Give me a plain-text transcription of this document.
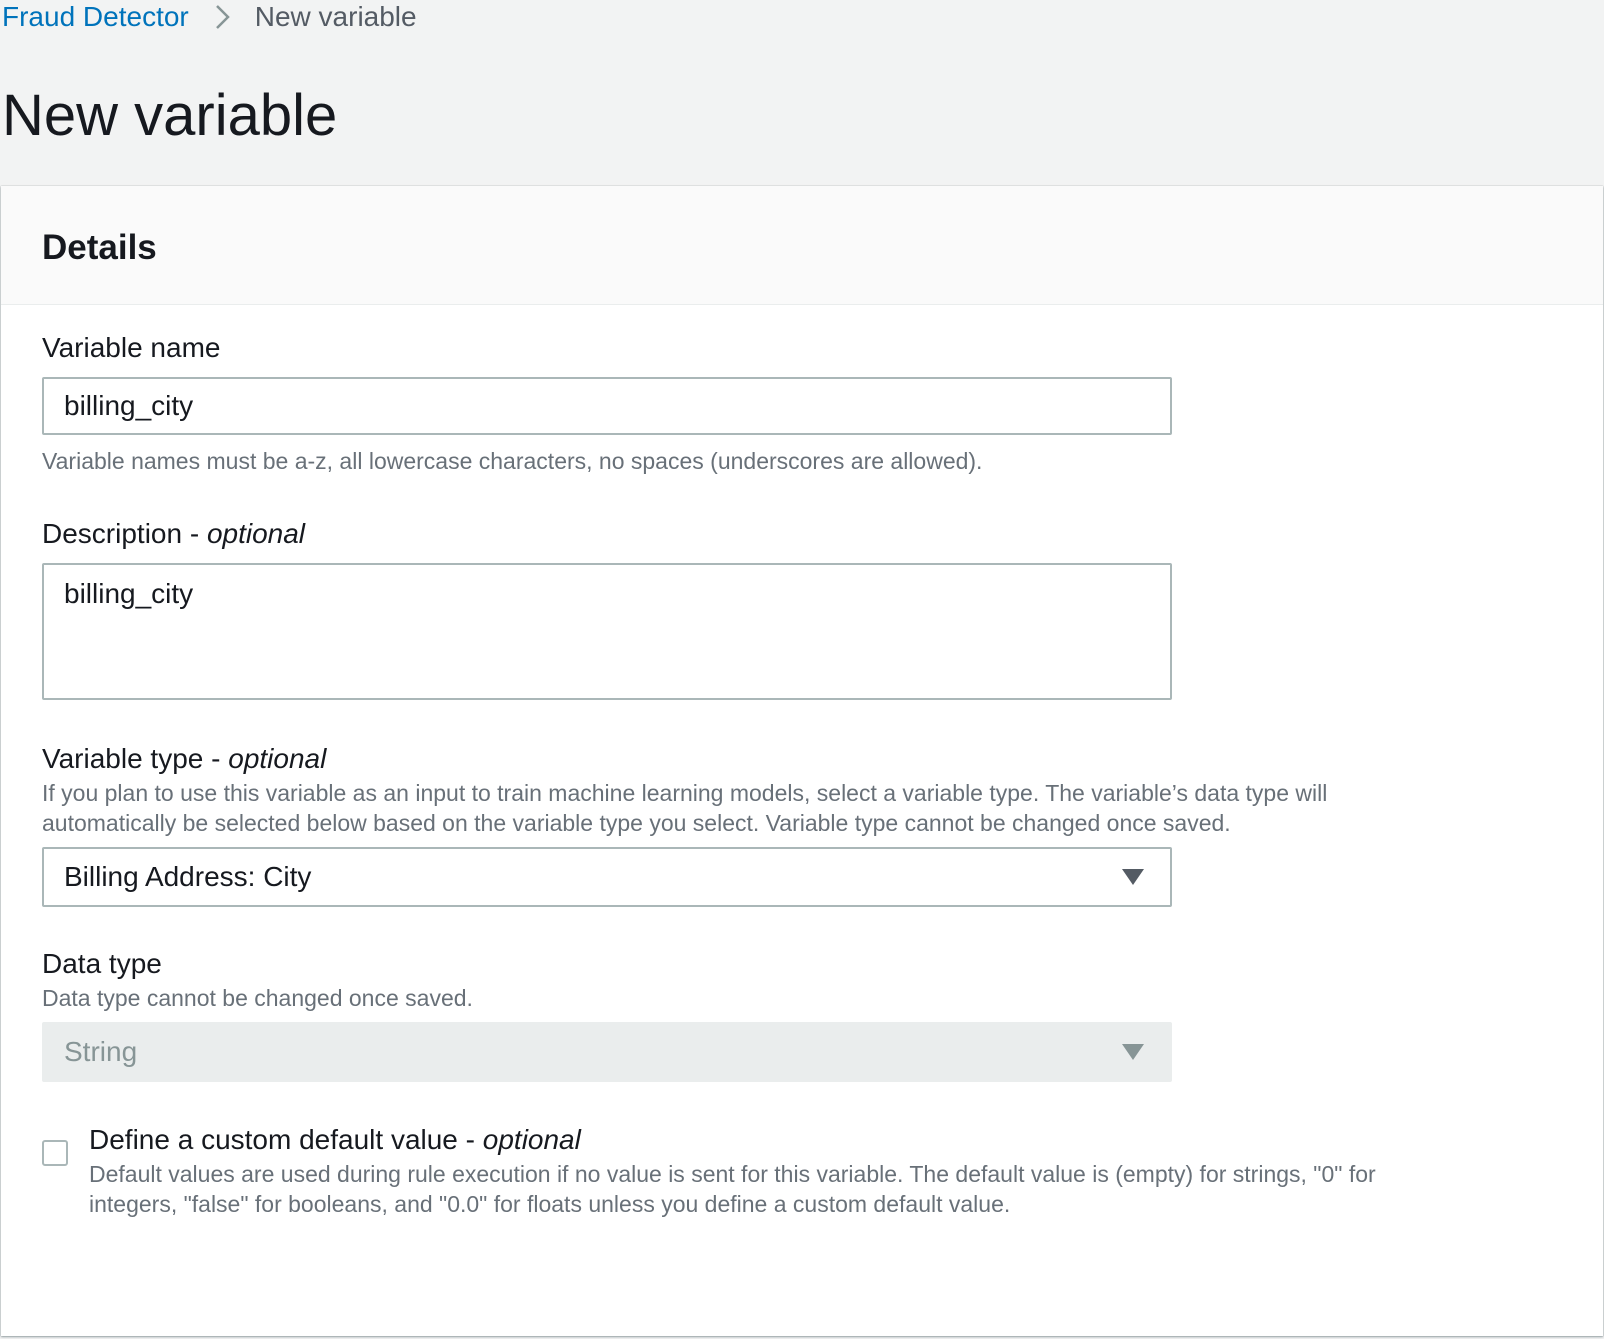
Fraud Detector New variable
New variable
Details
Variable name
billing_city
Variable names must be a-z, all lowercase characters, no spaces (underscores are allowed).
Description - optional
billing_city
Variable type - optional
If you plan to use this variable as an input to train machine learning models, select a variable type. The variable’s data type will
automatically be selected below based on the variable type you select. Variable type cannot be changed once saved.
Billing Address: City
Data type
Data type cannot be changed once saved.
String
Define a custom default value - optional
Default values are used during rule execution if no value is sent for this variable. The default value is (empty) for strings, "0" for
integers, "false" for booleans, and "0.0" for floats unless you define a custom default value.
